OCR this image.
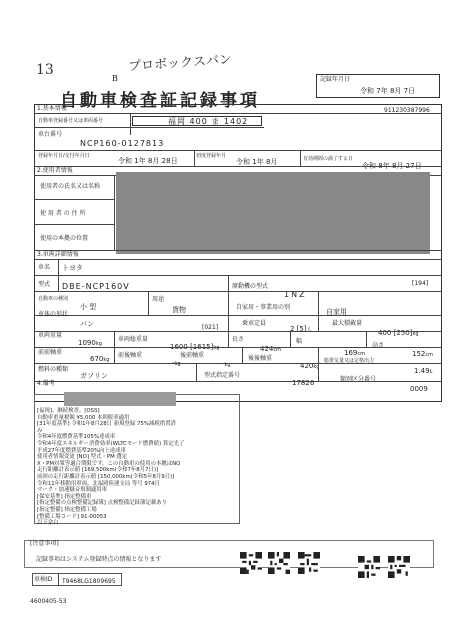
プロボックスバン
13
B
自動車検査証記録事項
記録年月日
令和 7年 8月 7日
911230387996
1.基本情報
自動車登録番号又は車両番号	福岡 400 ま 1402
車台番号
NCP160-0127813
登録年月日/交付年月日
令和 1年 8月 28日
初度登録年月
令和 1年 8月	有効期間の満了する日
令和 8年 8月 27日
2.使用者情報
使用者の氏名又は名称
使 用 者 の 住 所
使用の本拠の位置
3.車両詳細情報
車名 トヨタ
型式 DBE-NCP160V	原動機の型式
1NZ
[194]
自動車の種別
小 型
用途
貨物	自家用・事業用の別
自家用
車体の形状
バン	[021]
乗車定員
2 [5]人
最大積載量
400 [250]kg
車両重量
1090kg
車両総重量
1600 [1615]kg
長さ
424cm
幅
169cm
高さ
152cm
前前軸重
670kg
前後軸重
-kg
後前軸重
-kg
後後軸重
420kg
総排気量又は定格出力
1.49L
燃料の種類
ガソリン	型式指定番号
17826	類別区分番号
0009
4.備考
[福岡]、継続検査、[OSS]
自動車重量税額 ¥5,000 本則税率適用
[31年度基準] 令和1年8月28日 新規登録 75%減税措置済
み
令和4年度燃費基準105%達成車
令和4年度エネルギー消費効率(WLTCモード燃費値) 算定光了
平成27年度燃費基準20%向上達成車
使用者情報変更 [NO] 型式・PM 選定
X・PM対策等適合期限です。この自動車の使用の本拠はNO
走行距離計表示値 [169,500km(令和7年8月7日)]
前回の走行距離計表示値 [150,000km(令和5年8月9日)]
令和11年移動用車両、北福岡陸運支局 等号 974日
マーク・加速騒音規制適用車
[保安基準] 指定整備車
[指定整備の点検整備記録簿] 点検整備記録簿記載あり
[指定整備] 指定整備工場
[整備工場コード] 91-00053
以下余白
[注意事項]
記録事項はシステム登録時点の情報となります
車検ID T9468LG1809695
4600405-53
